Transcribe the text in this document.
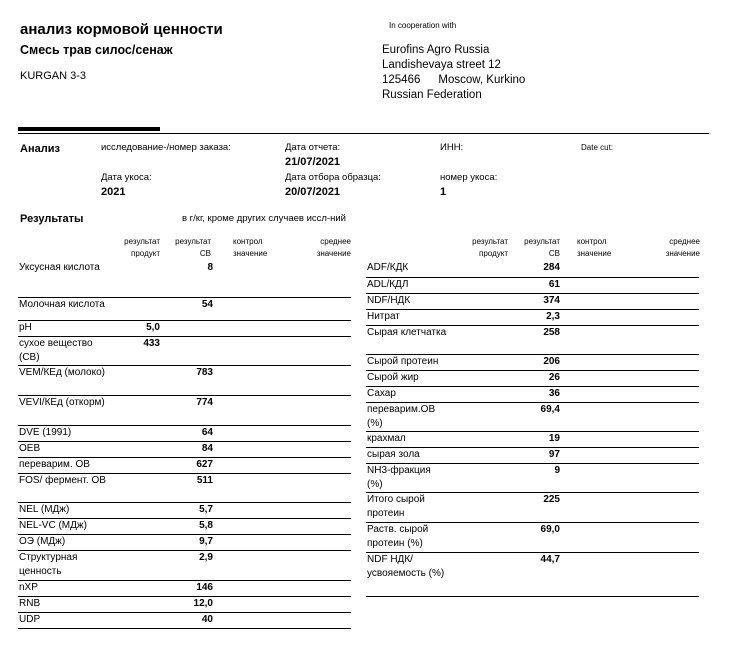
анализ кормовой ценности
Смесь трав силос/сенаж
KURGAN 3-3
In cooperation with
Eurofins Agro Russia
Landishevaya street 12
125466 Moscow, Kurkino
Russian Federation
Анализ	исследование-/номер заказа:	Дата отчета:
21/07/2021
ИНН:	Date cut:
Дата укоса:
2021
Дата отбора образца:
20/07/2021
номер укоса:
1
Результаты	в г/кг, кроме других случаев иссл-ний
результат
продукт
результат
СВ
контрол
значение
среднее
значение
результат
продукт
результат
СВ
контрол
значение
среднее
значение
Уксусная кислота		8	
Молочная кислота		54	
pH	5,0		
сухое вещество (СВ)	433		
VEM/КЕд (молоко)		783	
VEVI/КЕд (откорм)		774	
DVE (1991)		64	
OEB		84	
переварим. ОВ		627	
FOS/ фермент. ОВ		511	
NEL (МДж)		5,7	
NEL-VC (МДж)		5,8	
ОЭ (МДж)		9,7	
Структурная ценность		2,9	
nXP		146	
RNB		12,0	
UDP		40	
ADF/КДК		284	
ADL/КДЛ		61	
NDF/НДК		374	
Нитрат		2,3	
Сырая клетчатка		258	
Сырой протеин		206	
Сырой жир		26	
Сахар		36	
переварим.ОВ (%)		69,4	
крахмал		19	
сырая зола		97	
NH3-фракция (%)		9	
Итого сырой протеин		225	
Раств. сырой протеин (%)		69,0	
NDF НДК/усвояемость (%)		44,7	
